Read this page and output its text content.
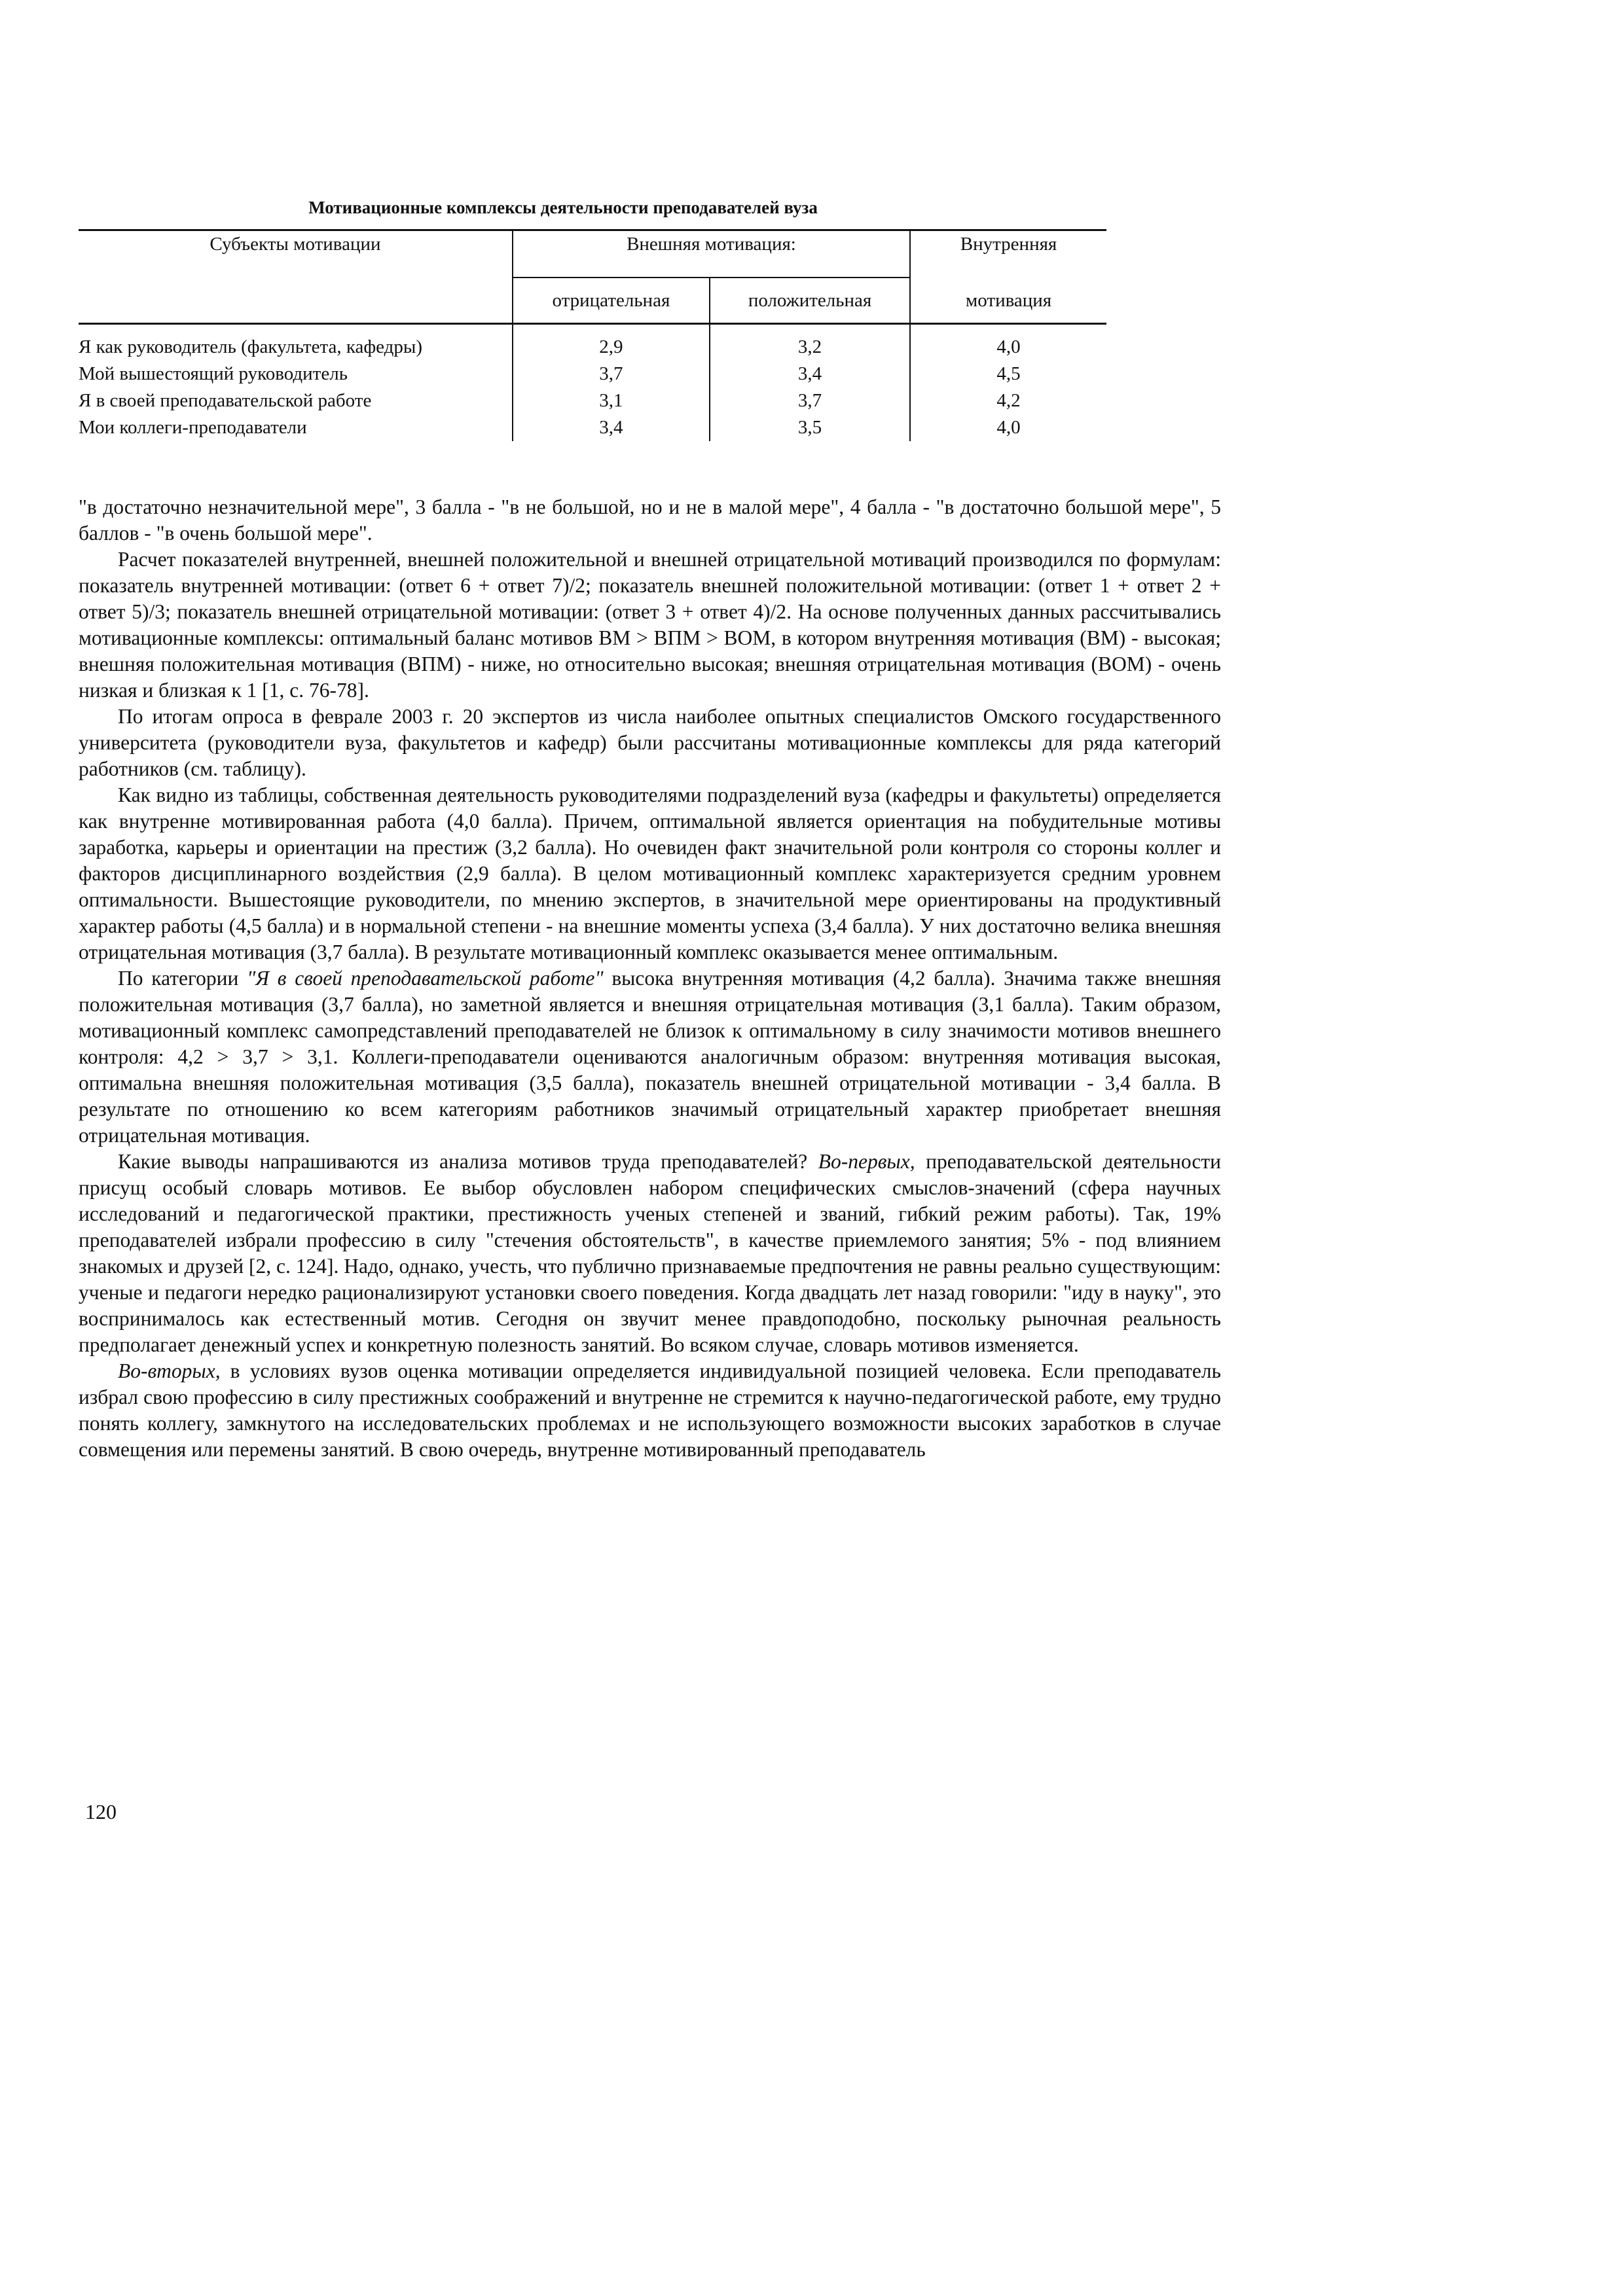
Мотивационные комплексы деятельности преподавателей вуза
Субъекты мотивации	Внешняя мотивация:		Внутренняя
	отрицательная	положительная	мотивация
Я как руководитель (факультета, кафедры)	2,9	3,2	4,0
Мой вышестоящий руководитель	3,7	3,4	4,5
Я в своей преподавательской работе	3,1	3,7	4,2
Мои коллеги-преподаватели	3,4	3,5	4,0

"в достаточно незначительной мере", 3 балла - "в не большой, но и не в малой мере", 4 балла - "в достаточно большой мере", 5 баллов - "в очень большой мере".

Расчет показателей внутренней, внешней положительной и внешней отрицательной мотиваций производился по формулам: показатель внутренней мотивации: (ответ 6 + ответ 7)/2; показатель внешней положительной мотивации: (ответ 1 + ответ 2 + ответ 5)/3; показатель внешней отрицательной мотивации: (ответ 3 + ответ 4)/2. На основе полученных данных рассчитывались мотивационные комплексы: оптимальный баланс мотивов ВМ > ВПМ > ВОМ, в котором внутренняя мотивация (ВМ) - высокая; внешняя положительная мотивация (ВПМ) - ниже, но относительно высокая; внешняя отрицательная мотивация (ВОМ) - очень низкая и близкая к 1 [1, с. 76-78].

По итогам опроса в феврале 2003 г. 20 экспертов из числа наиболее опытных специалистов Омского государственного университета (руководители вуза, факультетов и кафедр) были рассчитаны мотивационные комплексы для ряда категорий работников (см. таблицу).

Как видно из таблицы, собственная деятельность руководителями подразделений вуза (кафедры и факультеты) определяется как внутренне мотивированная работа (4,0 балла). Причем, оптимальной является ориентация на побудительные мотивы заработка, карьеры и ориентации на престиж (3,2 балла). Но очевиден факт значительной роли контроля со стороны коллег и факторов дисциплинарного воздействия (2,9 балла). В целом мотивационный комплекс характеризуется средним уровнем оптимальности. Вышестоящие руководители, по мнению экспертов, в значительной мере ориентированы на продуктивный характер работы (4,5 балла) и в нормальной степени - на внешние моменты успеха (3,4 балла). У них достаточно велика внешняя отрицательная мотивация (3,7 балла). В результате мотивационный комплекс оказывается менее оптимальным.

По категории "Я в своей преподавательской работе" высока внутренняя мотивация (4,2 балла). Значима также внешняя положительная мотивация (3,7 балла), но заметной является и внешняя отрицательная мотивация (3,1 балла). Таким образом, мотивационный комплекс самопредставлений преподавателей не близок к оптимальному в силу значимости мотивов внешнего контроля: 4,2 > 3,7 > 3,1. Коллеги-преподаватели оцениваются аналогичным образом: внутренняя мотивация высокая, оптимальна внешняя положительная мотивация (3,5 балла), показатель внешней отрицательной мотивации - 3,4 балла. В результате по отношению ко всем категориям работников значимый отрицательный характер приобретает внешняя отрицательная мотивация.

Какие выводы напрашиваются из анализа мотивов труда преподавателей? Во-первых, преподавательской деятельности присущ особый словарь мотивов. Ее выбор обусловлен набором специфических смыслов-значений (сфера научных исследований и педагогической практики, престижность ученых степеней и званий, гибкий режим работы). Так, 19% преподавателей избрали профессию в силу "стечения обстоятельств", в качестве приемлемого занятия; 5% - под влиянием знакомых и друзей [2, с. 124]. Надо, однако, учесть, что публично признаваемые предпочтения не равны реально существующим: ученые и педагоги нередко рационализируют установки своего поведения. Когда двадцать лет назад говорили: "иду в науку", это воспринималось как естественный мотив. Сегодня он звучит менее правдоподобно, поскольку рыночная реальность предполагает денежный успех и конкретную полезность занятий. Во всяком случае, словарь мотивов изменяется.

Во-вторых, в условиях вузов оценка мотивации определяется индивидуальной позицией человека. Если преподаватель избрал свою профессию в силу престижных соображений и внутренне не стремится к научно-педагогической работе, ему трудно понять коллегу, замкнутого на исследовательских проблемах и не использующего возможности высоких заработков в случае совмещения или перемены занятий. В свою очередь, внутренне мотивированный преподаватель

120
